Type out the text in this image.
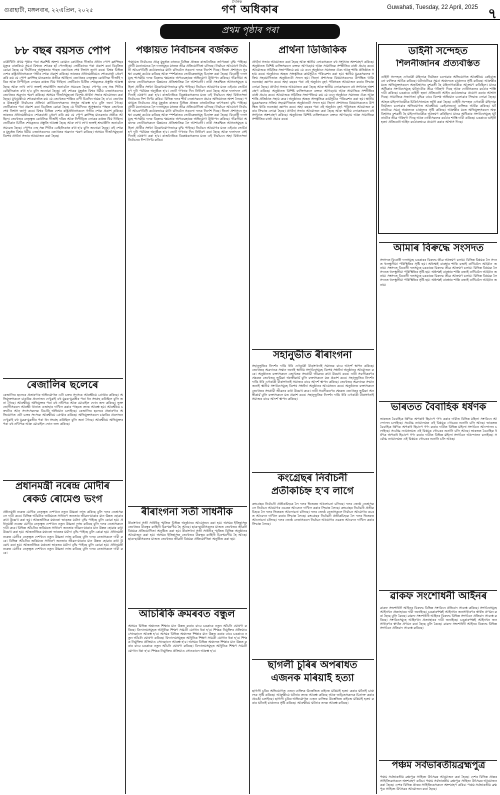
গুৱাহাটী, মঙ্গলবাৰ, ২২এপ্ৰিল, ২০২৫
দৈনিক
গণ অধিকাৰ	Guwahati, Tuesday, 22 April, 2025 ৭
প্ৰথম পৃষ্ঠাৰ পৰা
৮৮ বছৰ বয়সত পোপ
বাকীখিনি প্ৰথম পৃষ্ঠাৰ পৰা অৱশিষ্ট অংশ। ৰোমান কেথলিক গীৰ্জাৰ প্ৰধান পোপ ফ্ৰান্সিছৰ মৃত্যুৰ বাতৰিয়ে সমগ্ৰ বিশ্বতে শোকৰ ছাঁ পেলাইছে। ভেটিকানৰ পৰা প্ৰকাশ কৰা বিবৃতিত কোৱা হৈছে যে দীৰ্ঘদিনৰ অসুস্থতাৰ পাছত তেখেতে শেষ নিশ্বাস ত্যাগ কৰে। বিশ্বৰ বিভিন্ন দেশৰ ৰাষ্ট্ৰপ্ৰধানসকলে গভীৰ শোক প্ৰকাশ কৰিছে। ভাৰতৰ প্ৰধানমন্ত্ৰীয়েও শোকবাৰ্তা প্ৰেৰণ কৰি কয় যে পোপ ফ্ৰান্সিছ মানৱতাৰ প্ৰতীক আছিল। তেখেতৰ নেতৃত্বত কেথলিক গীৰ্জাই দৰিদ্ৰ আৰু নিপীড়িত লোকৰ কাষত থিয় দিছিল। ভেটিকান চিটিত শেষকৃত্যৰ প্ৰস্তুতি আৰম্ভ হৈছে আৰু লাখ লাখ ভক্তই শ্ৰদ্ধাঞ্জলি জনাবলৈ সমবেত হৈছে। পোপৰ দেহ সন্ত পিটাৰ বেছিলিকাত ৰখা হ'ব বুলি জনোৱা হৈছে। এই শোকৰ মুহূৰ্তত বিশ্বৰ ধৰ্মীয় নেতাসকলেও তেখেতৰ অৱদান স্মৰণ কৰিছে। অসমৰ গীৰ্জাসমূহতো বিশেষ প্ৰাৰ্থনা সভাৰ আয়োজন কৰা হৈছে। মুখ্যমন্ত্ৰীয়ে শোকবাৰ্তাত কয় যে তেখেতৰ শান্তিৰ বাণী চিৰদিন অমৰ হৈ ৰ'ব। তেখেতৰ উত্তৰসূৰী নিৰ্বাচনৰ প্ৰক্ৰিয়া কাৰ্ডিনেলসকলৰ সভাত আৰম্ভ হ'ব বুলি জনা গৈছে। ভেটিকানৰ পৰা প্ৰকাশ কৰা বিবৃতিত কোৱা হৈছে যে দীৰ্ঘদিনৰ অসুস্থতাৰ পাছত তেখেতে শেষ নিশ্বাস ত্যাগ কৰে। বিশ্বৰ বিভিন্ন দেশৰ ৰাষ্ট্ৰপ্ৰধানসকলে গভীৰ শোক প্ৰকাশ কৰিছে। ভাৰতৰ প্ৰধানমন্ত্ৰীয়েও শোকবাৰ্তা প্ৰেৰণ কৰি কয় যে পোপ ফ্ৰান্সিছ মানৱতাৰ প্ৰতীক আছিল। তেখেতৰ নেতৃত্বত কেথলিক গীৰ্জাই দৰিদ্ৰ আৰু নিপীড়িত লোকৰ কাষত থিয় দিছিল। ভেটিকান চিটিত শেষকৃত্যৰ প্ৰস্তুতি আৰম্ভ হৈছে আৰু লাখ লাখ ভক্তই শ্ৰদ্ধাঞ্জলি জনাবলৈ সমবেত হৈছে। পোপৰ দেহ সন্ত পিটাৰ বেছিলিকাত ৰখা হ'ব বুলি জনোৱা হৈছে। এই শোকৰ মুহূৰ্তত বিশ্বৰ ধৰ্মীয় নেতাসকলেও তেখেতৰ অৱদান স্মৰণ কৰিছে। অসমৰ গীৰ্জাসমূহতো বিশেষ প্ৰাৰ্থনা সভাৰ আয়োজন কৰা হৈছে।
ৰেজালিৰ ছলেৰে
ৰেজালিৰ ছলেৰে প্ৰতাৰণাৰ অভিযোগত এটা চক্ৰৰ সদস্যক আৰক্ষীয়ে গ্ৰেপ্তাৰ কৰিছে। অভিযুক্তসকলে চাকৰিৰ প্ৰলোভন দেখুৱাই বহু যুৱক-যুৱতীৰ পৰা ধন সংগ্ৰহ কৰিছিল বুলি জনা গৈছে। আৰক্ষীয়ে অভিযুক্তৰ পৰা বহু নথিপত্ৰ আৰু মোবাইল ফোন জব্দ কৰিছে। ভুক্তভোগীসকলে আৰক্ষী থানাত এজাহাৰ দাখিল কৰাৰ পাছতে তদন্ত আৰম্ভ হয়। আৰক্ষীয়ে চক্ৰটোৰ আন সদস্যসকলক বিচাৰি অভিযান চলাইছে। ৰেজালিৰ ছলেৰে প্ৰতাৰণাৰ অভিযোগত এটা চক্ৰৰ সদস্যক আৰক্ষীয়ে গ্ৰেপ্তাৰ কৰিছে। অভিযুক্তসকলে চাকৰিৰ প্ৰলোভন দেখুৱাই বহু যুৱক-যুৱতীৰ পৰা ধন সংগ্ৰহ কৰিছিল বুলি জনা গৈছে। আৰক্ষীয়ে অভিযুক্তৰ পৰা বহু নথিপত্ৰ আৰু মোবাইল ফোন জব্দ কৰিছে।
প্ৰধানমন্ত্ৰী নৰেন্দ্ৰ মোদীৰ
ৰেকৰ্ড ৰোমেণ্ড ভংগ
প্ৰধানমন্ত্ৰী নৰেন্দ্ৰ মোদীৰ নেতৃত্বত দেশখনে নতুন উচ্চতা লাভ কৰিছে বুলি দলৰ নেতাসকলে দাবী কৰে। বিভিন্ন আঁচনিৰ জৰিয়তে সাধাৰণ জনতাৰ জীৱন-যাত্ৰাৰ মান উন্নত হোৱাৰ কথা উল্লেখ কৰা হয়। আন্তৰ্জাতিক মঞ্চতো ভাৰতৰ মৰ্যাদা বৃদ্ধি পাইছে বুলি কোৱা হয়। প্ৰধানমন্ত্ৰী নৰেন্দ্ৰ মোদীৰ নেতৃত্বত দেশখনে নতুন উচ্চতা লাভ কৰিছে বুলি দলৰ নেতাসকলে দাবী কৰে। বিভিন্ন আঁচনিৰ জৰিয়তে সাধাৰণ জনতাৰ জীৱন-যাত্ৰাৰ মান উন্নত হোৱাৰ কথা উল্লেখ কৰা হয়। আন্তৰ্জাতিক মঞ্চতো ভাৰতৰ মৰ্যাদা বৃদ্ধি পাইছে বুলি কোৱা হয়। প্ৰধানমন্ত্ৰী নৰেন্দ্ৰ মোদীৰ নেতৃত্বত দেশখনে নতুন উচ্চতা লাভ কৰিছে বুলি দলৰ নেতাসকলে দাবী কৰে। বিভিন্ন আঁচনিৰ জৰিয়তে সাধাৰণ জনতাৰ জীৱন-যাত্ৰাৰ মান উন্নত হোৱাৰ কথা উল্লেখ কৰা হয়। আন্তৰ্জাতিক মঞ্চতো ভাৰতৰ মৰ্যাদা বৃদ্ধি পাইছে বুলি কোৱা হয়। প্ৰধানমন্ত্ৰী নৰেন্দ্ৰ মোদীৰ নেতৃত্বত দেশখনে নতুন উচ্চতা লাভ কৰিছে বুলি দলৰ নেতাসকলে দাবী কৰে।
পঞ্চায়ত নিৰ্বাচনৰ বৰ্জকত
পঞ্চায়ত নিৰ্বাচনৰ প্ৰাক্ মুহূৰ্তত ৰাজ্যৰ বিভিন্ন প্ৰান্তত ৰাজনৈতিক তৎপৰতা বৃদ্ধি পাইছে। প্ৰাৰ্থী মনোনয়নক লৈ দলসমূহৰ মাজত তীব্ৰ প্ৰতিযোগিতা চলিছে। নিৰ্বাচন আয়োগে নিৰ্বাচনী আচৰণবিধি কঠোৰভাৱে মানি চলিবলৈ সকলো দলক নিৰ্দেশ দিছে। জিলা প্ৰশাসনে সুৰক্ষা ব্যৱস্থা কঠোৰ কৰিছে আৰু স্পৰ্শকাতৰ ভোটকেন্দ্ৰসমূহ চিনাক্ত কৰা হৈছে। বিৰোধী দলসমূহে শাসকীয় দলৰ বিৰুদ্ধে ক্ষমতাৰ অপব্যৱহাৰৰ অভিযোগ উত্থাপন কৰিছে। গাঁৱলীয়া অঞ্চলৰ ভোটাৰসকলে উন্নয়নৰ প্ৰতিশ্ৰুতিক লৈ আশাবাদী। নাৰী সংৰক্ষিত আসনসমূহত মহিলা প্ৰাৰ্থীৰ সংখ্যা উল্লেখযোগ্যভাৱে বৃদ্ধি পাইছে। নিৰ্বাচন আয়োগৰ মতে এইবাৰ ভোটগ্ৰহণ দুটা পৰ্যায়ত অনুষ্ঠিত হ'ব। ভোট গণনাৰ দিন নিৰ্ধাৰণ কৰা হৈছে আৰু ফলাফল সেইদিনাই ঘোষণা কৰা হ'ব। ৰাজনৈতিক বিশ্লেষকসকলৰ মতে এই নিৰ্বাচনে অহা বিধানসভা নিৰ্বাচনৰ দিশ নিৰ্ণয় কৰিব। বিভিন্ন দলৰ শীৰ্ষ নেতাসকলে প্ৰচাৰ অভিযানত অংশ লৈছে। পঞ্চায়ত নিৰ্বাচনৰ প্ৰাক্ মুহূৰ্তত ৰাজ্যৰ বিভিন্ন প্ৰান্তত ৰাজনৈতিক তৎপৰতা বৃদ্ধি পাইছে। প্ৰাৰ্থী মনোনয়নক লৈ দলসমূহৰ মাজত তীব্ৰ প্ৰতিযোগিতা চলিছে। নিৰ্বাচন আয়োগে নিৰ্বাচনী আচৰণবিধি কঠোৰভাৱে মানি চলিবলৈ সকলো দলক নিৰ্দেশ দিছে। জিলা প্ৰশাসনে সুৰক্ষা ব্যৱস্থা কঠোৰ কৰিছে আৰু স্পৰ্শকাতৰ ভোটকেন্দ্ৰসমূহ চিনাক্ত কৰা হৈছে। বিৰোধী দলসমূহে শাসকীয় দলৰ বিৰুদ্ধে ক্ষমতাৰ অপব্যৱহাৰৰ অভিযোগ উত্থাপন কৰিছে। গাঁৱলীয়া অঞ্চলৰ ভোটাৰসকলে উন্নয়নৰ প্ৰতিশ্ৰুতিক লৈ আশাবাদী। নাৰী সংৰক্ষিত আসনসমূহত মহিলা প্ৰাৰ্থীৰ সংখ্যা উল্লেখযোগ্যভাৱে বৃদ্ধি পাইছে। নিৰ্বাচন আয়োগৰ মতে এইবাৰ ভোটগ্ৰহণ দুটা পৰ্যায়ত অনুষ্ঠিত হ'ব। ভোট গণনাৰ দিন নিৰ্ধাৰণ কৰা হৈছে আৰু ফলাফল সেইদিনাই ঘোষণা কৰা হ'ব। ৰাজনৈতিক বিশ্লেষকসকলৰ মতে এই নিৰ্বাচনে অহা বিধানসভা নিৰ্বাচনৰ দিশ নিৰ্ণয় কৰিব।
ৰীৰাংগনা সতী সাধনীক
ৰীৰাংগনা সতী সাধনীৰ স্মৃতিত বিভিন্ন অনুষ্ঠানৰ আয়োজন কৰা হয়। অসমৰ ইতিহাসত তেখেতৰ বীৰত্বৰ কাহিনী চিৰস্মৰণীয় হৈ আছে। ছাত্ৰ-ছাত্ৰীসকলৰ মাজত তেখেতৰ জীৱনী বিষয়ক প্ৰতিযোগিতা অনুষ্ঠিত কৰা হয়। ৰীৰাংগনা সতী সাধনীৰ স্মৃতিত বিভিন্ন অনুষ্ঠানৰ আয়োজন কৰা হয়। অসমৰ ইতিহাসত তেখেতৰ বীৰত্বৰ কাহিনী চিৰস্মৰণীয় হৈ আছে। ছাত্ৰ-ছাত্ৰীসকলৰ মাজত তেখেতৰ জীৱনী বিষয়ক প্ৰতিযোগিতা অনুষ্ঠিত কৰা হয়।
আচৰিকি ক্ৰমৰবত বন্ধুল
অসমৰ বিভিন্ন অঞ্চলত শিক্ষাৰ মান উন্নত কৰাৰ বাবে চৰকাৰে নতুন আঁচনি ঘোষণা কৰিছে। বিদ্যালয়সমূহত আধুনিক শিক্ষণ সামগ্ৰী যোগান ধৰা হ'ব। শিক্ষক নিযুক্তিৰ প্ৰক্ৰিয়াও সোনকালে আৰম্ভ হ'ব। অসমৰ বিভিন্ন অঞ্চলত শিক্ষাৰ মান উন্নত কৰাৰ বাবে চৰকাৰে নতুন আঁচনি ঘোষণা কৰিছে। বিদ্যালয়সমূহত আধুনিক শিক্ষণ সামগ্ৰী যোগান ধৰা হ'ব। শিক্ষক নিযুক্তিৰ প্ৰক্ৰিয়াও সোনকালে আৰম্ভ হ'ব। অসমৰ বিভিন্ন অঞ্চলত শিক্ষাৰ মান উন্নত কৰাৰ বাবে চৰকাৰে নতুন আঁচনি ঘোষণা কৰিছে। বিদ্যালয়সমূহত আধুনিক শিক্ষণ সামগ্ৰী যোগান ধৰা হ'ব। শিক্ষক নিযুক্তিৰ প্ৰক্ৰিয়াও সোনকালে আৰম্ভ হ'ব।
প্ৰাৰ্থনা ডিজিকিক
প্ৰাৰ্থনা সভাৰ আয়োজন কৰা হৈছে আৰু স্থানীয় লোকসকলে বহু সংখ্যাত অংশগ্ৰহণ কৰিছে। অনুষ্ঠানত বিশিষ্ট ব্যক্তিসকলে বক্তব্য আগবঢ়ায় আৰু সামাজিক সম্প্ৰীতিৰ বাৰ্তা প্ৰচাৰ কৰে। আয়োজক সমিতিৰ সভাপতিয়ে কয় যে এনে অনুষ্ঠানে সমাজত ঐক্য আৰু শান্তি প্ৰতিষ্ঠাত সহায় কৰে। অনুষ্ঠানৰ অন্তত সাংস্কৃতিক কাৰ্যসূচীও পৰিৱেশন কৰা হয়। স্থানীয় যুৱকসকলৰ সক্ৰিয় সহযোগিতাত অনুষ্ঠানটো সফল হয়। জিলা প্ৰশাসনৰ বিষয়াসকলেও উপস্থিত থাকি শুভেচ্ছা জ্ঞাপন কৰে। অহা বছৰৰ পৰা এই অনুষ্ঠান বৃহৎ পৰিসৰত আয়োজন কৰাৰ সিদ্ধান্ত লোৱা হৈছে। প্ৰাৰ্থনা সভাৰ আয়োজন কৰা হৈছে আৰু স্থানীয় লোকসকলে বহু সংখ্যাত অংশগ্ৰহণ কৰিছে। অনুষ্ঠানত বিশিষ্ট ব্যক্তিসকলে বক্তব্য আগবঢ়ায় আৰু সামাজিক সম্প্ৰীতিৰ বাৰ্তা প্ৰচাৰ কৰে। আয়োজক সমিতিৰ সভাপতিয়ে কয় যে এনে অনুষ্ঠানে সমাজত ঐক্য আৰু শান্তি প্ৰতিষ্ঠাত সহায় কৰে। অনুষ্ঠানৰ অন্তত সাংস্কৃতিক কাৰ্যসূচীও পৰিৱেশন কৰা হয়। স্থানীয় যুৱকসকলৰ সক্ৰিয় সহযোগিতাত অনুষ্ঠানটো সফল হয়। জিলা প্ৰশাসনৰ বিষয়াসকলেও উপস্থিত থাকি শুভেচ্ছা জ্ঞাপন কৰে। অহা বছৰৰ পৰা এই অনুষ্ঠান বৃহৎ পৰিসৰত আয়োজন কৰাৰ সিদ্ধান্ত লোৱা হৈছে। প্ৰাৰ্থনা সভাৰ আয়োজন কৰা হৈছে আৰু স্থানীয় লোকসকলে বহু সংখ্যাত অংশগ্ৰহণ কৰিছে। অনুষ্ঠানত বিশিষ্ট ব্যক্তিসকলে বক্তব্য আগবঢ়ায় আৰু সামাজিক সম্প্ৰীতিৰ বাৰ্তা প্ৰচাৰ কৰে।
সহানুভীত ৰীৰাংগনা
সহানুভূতিৰ নিদৰ্শন দাঙি ধৰি এগৰাকী বীৰাংগনাই সমাজৰ বাবে আদৰ্শ স্থাপন কৰিছে। তেখেতৰ অৱদানক সন্মান জনাই স্থানীয় সংগঠনসমূহে বিশেষ সম্বৰ্ধনা অনুষ্ঠানৰ আয়োজন কৰে। অনুষ্ঠানত বক্তাসকলে তেখেতৰ সংগ্ৰামী জীৱনৰ কথা উল্লেখ কৰে। নাৰী সবলীকৰণৰ ক্ষেত্ৰত তেখেতৰ ভূমিকা অনস্বীকাৰ্য বুলি বক্তাসকলে মত প্ৰকাশ কৰে। সহানুভূতিৰ নিদৰ্শন দাঙি ধৰি এগৰাকী বীৰাংগনাই সমাজৰ বাবে আদৰ্শ স্থাপন কৰিছে। তেখেতৰ অৱদানক সন্মান জনাই স্থানীয় সংগঠনসমূহে বিশেষ সম্বৰ্ধনা অনুষ্ঠানৰ আয়োজন কৰে। অনুষ্ঠানত বক্তাসকলে তেখেতৰ সংগ্ৰামী জীৱনৰ কথা উল্লেখ কৰে। নাৰী সবলীকৰণৰ ক্ষেত্ৰত তেখেতৰ ভূমিকা অনস্বীকাৰ্য বুলি বক্তাসকলে মত প্ৰকাশ কৰে। সহানুভূতিৰ নিদৰ্শন দাঙি ধৰি এগৰাকী বীৰাংগনাই সমাজৰ বাবে আদৰ্শ স্থাপন কৰিছে।
কংগ্ৰেছৰ নিৰ্বাচনী
প্ৰতীকচিহ্ন হ'ব লাগে
কংগ্ৰেছৰ নিৰ্বাচনী প্ৰতীকচিহ্নক লৈ দলৰ ভিতৰত আলোচনা চলিছে। দলৰ জ্যেষ্ঠ নেতাসকলে নিৰ্বাচন আয়োগৰ ওচৰত আবেদন দাখিল কৰাৰ সিদ্ধান্ত লৈছে। কংগ্ৰেছৰ নিৰ্বাচনী প্ৰতীকচিহ্নক লৈ দলৰ ভিতৰত আলোচনা চলিছে। দলৰ জ্যেষ্ঠ নেতাসকলে নিৰ্বাচন আয়োগৰ ওচৰত আবেদন দাখিল কৰাৰ সিদ্ধান্ত লৈছে। কংগ্ৰেছৰ নিৰ্বাচনী প্ৰতীকচিহ্নক লৈ দলৰ ভিতৰত আলোচনা চলিছে। দলৰ জ্যেষ্ঠ নেতাসকলে নিৰ্বাচন আয়োগৰ ওচৰত আবেদন দাখিল কৰাৰ সিদ্ধান্ত লৈছে।
ছাগলী চুৰিৰ অপৰাধত
এজনক মৰিয়াই হত্যা
ছাগলী চুৰিৰ অভিযোগত এজন ব্যক্তিক উত্তেজিত ৰাইজে মৰিয়াই হত্যা কৰাৰ ঘটনাই চাঞ্চল্যৰ সৃষ্টি কৰিছে। আৰক্ষীয়ে ঘটনাৰ তদন্ত আৰম্ভ কৰিছে আৰু জড়িতসকলক চিনাক্ত কৰাৰ প্ৰচেষ্টা চলাইছে। ছাগলী চুৰিৰ অভিযোগত এজন ব্যক্তিক উত্তেজিত ৰাইজে মৰিয়াই হত্যা কৰাৰ ঘটনাই চাঞ্চল্যৰ সৃষ্টি কৰিছে। আৰক্ষীয়ে ঘটনাৰ তদন্ত আৰম্ভ কৰিছে।
ডাইনী সন্দেহত
শিলনীজানৰ প্ৰত্যৰ্বস্তিত
ডাইনী সন্দেহত এগৰাকী মহিলাক নিৰ্যাতন চলোৱাৰ অভিযোগত আৰক্ষীয়ে কেইবাজনো ব্যক্তিক আটক কৰিছে। ঘটনাটোৱে সমগ্ৰ অঞ্চলতে চাঞ্চল্যৰ সৃষ্টি কৰিছে। আৰক্ষীৰ মতে অভিযুক্তসকলে অন্ধবিশ্বাসৰ বশৱৰ্তী হৈ মহিলাগৰাকীক আক্ৰমণ কৰিছিল। মানৱ অধিকাৰ সংগঠনসমূহে ঘটনাটোৰ তীব্ৰ গৰিহণা দিছে আৰু দোষীসকলৰ কঠোৰ শাস্তি দাবী কৰিছে। চৰকাৰে ডাইনী হত্যা প্ৰতিৰোধ আইন কঠোৰভাৱে প্ৰয়োগ কৰাৰ আশ্বাস দিছে। সামাজিক সজাগতা বৃদ্ধিৰ বাবে বিশেষ অভিযান চলোৱাৰ সিদ্ধান্ত লোৱা হৈছে। আহত মহিলাগৰাকীক চিকিৎসালয়ত ভৰ্তি কৰা হৈছে। ডাইনী সন্দেহত এগৰাকী মহিলাক নিৰ্যাতন চলোৱাৰ অভিযোগত আৰক্ষীয়ে কেইবাজনো ব্যক্তিক আটক কৰিছে। ঘটনাটোৱে সমগ্ৰ অঞ্চলতে চাঞ্চল্যৰ সৃষ্টি কৰিছে। আৰক্ষীৰ মতে অভিযুক্তসকলে অন্ধবিশ্বাসৰ বশৱৰ্তী হৈ মহিলাগৰাকীক আক্ৰমণ কৰিছিল। মানৱ অধিকাৰ সংগঠনসমূহে ঘটনাটোৰ তীব্ৰ গৰিহণা দিছে আৰু দোষীসকলৰ কঠোৰ শাস্তি দাবী কৰিছে। চৰকাৰে ডাইনী হত্যা প্ৰতিৰোধ আইন কঠোৰভাৱে প্ৰয়োগ কৰাৰ আশ্বাস দিছে।
আমাৰ বিৰুদ্ধে সংসদত
সংসদত বিৰোধী দলসমূহে চৰকাৰৰ বিৰুদ্ধে তীব্ৰ আক্ৰমণ চলায়। বিভিন্ন বিষয়ক লৈ সদনত হুলস্থুলীয়া পৰিস্থিতিৰ সৃষ্টি হয়। অধ্যক্ষই বাৰম্বাৰ শান্তি বজাই ৰাখিবলৈ আহ্বান জনায়। সংসদত বিৰোধী দলসমূহে চৰকাৰৰ বিৰুদ্ধে তীব্ৰ আক্ৰমণ চলায়। বিভিন্ন বিষয়ক লৈ সদনত হুলস্থুলীয়া পৰিস্থিতিৰ সৃষ্টি হয়। অধ্যক্ষই বাৰম্বাৰ শান্তি বজাই ৰাখিবলৈ আহ্বান জনায়। সংসদত বিৰোধী দলসমূহে চৰকাৰৰ বিৰুদ্ধে তীব্ৰ আক্ৰমণ চলায়। বিভিন্ন বিষয়ক লৈ সদনত হুলস্থুলীয়া পৰিস্থিতিৰ সৃষ্টি হয়। অধ্যক্ষই বাৰম্বাৰ শান্তি বজাই ৰাখিবলৈ আহ্বান জনায়।
ভাৰতত বৈবাহিক ধৰ্ষণক
ভাৰতত বৈবাহিক ধৰ্ষণক অপৰাধ হিচাপে গণ্য কৰাৰ দাবীত বিভিন্ন মহিলা সংগঠনে আন্দোলন চলাইছে। সৰ্বোচ্চ ন্যায়ালয়ত এই বিষয়ক গোচৰৰ শুনানি চলি আছে। ভাৰতত বৈবাহিক ধৰ্ষণক অপৰাধ হিচাপে গণ্য কৰাৰ দাবীত বিভিন্ন মহিলা সংগঠনে আন্দোলন চলাইছে। সৰ্বোচ্চ ন্যায়ালয়ত এই বিষয়ক গোচৰৰ শুনানি চলি আছে। ভাৰতত বৈবাহিক ধৰ্ষণক অপৰাধ হিচাপে গণ্য কৰাৰ দাবীত বিভিন্ন মহিলা সংগঠনে আন্দোলন চলাইছে। সৰ্বোচ্চ ন্যায়ালয়ত এই বিষয়ক গোচৰৰ শুনানি চলি আছে।
ৱাকফ সংশোধনী আইনৰ
ৱাকফ সংশোধনী আইনৰ বিৰুদ্ধে বিভিন্ন সংগঠনে প্ৰতিবাদ সাব্যস্ত কৰিছে। সংগঠনসমূহে আইনখন প্ৰত্যাহাৰৰ দাবী জনাইছে। চৰকাৰপক্ষই আইনখন জনসাধাৰণৰ স্বাৰ্থত প্ৰণয়ন কৰা হৈছে বুলি কৈছে। ৱাকফ সংশোধনী আইনৰ বিৰুদ্ধে বিভিন্ন সংগঠনে প্ৰতিবাদ সাব্যস্ত কৰিছে। সংগঠনসমূহে আইনখন প্ৰত্যাহাৰৰ দাবী জনাইছে। চৰকাৰপক্ষই আইনখন জনসাধাৰণৰ স্বাৰ্থত প্ৰণয়ন কৰা হৈছে বুলি কৈছে। ৱাকফ সংশোধনী আইনৰ বিৰুদ্ধে বিভিন্ন সংগঠনে প্ৰতিবাদ সাব্যস্ত কৰিছে।
পঞ্চম সৰ্বভাৰতীয়ব্ৰহ্মপুত্ৰ
পঞ্চম সৰ্বভাৰতীয় ব্ৰহ্মপুত্ৰ সাহিত্য উৎসৱৰ আয়োজন কৰা হৈছে। দেশৰ বিভিন্ন প্ৰান্তৰ সাহিত্যিকসকলে অংশগ্ৰহণ কৰিব। পঞ্চম সৰ্বভাৰতীয় ব্ৰহ্মপুত্ৰ সাহিত্য উৎসৱৰ আয়োজন কৰা হৈছে। দেশৰ বিভিন্ন প্ৰান্তৰ সাহিত্যিকসকলে অংশগ্ৰহণ কৰিব। পঞ্চম সৰ্বভাৰতীয় ব্ৰহ্মপুত্ৰ সাহিত্য উৎসৱৰ আয়োজন কৰা হৈছে।
